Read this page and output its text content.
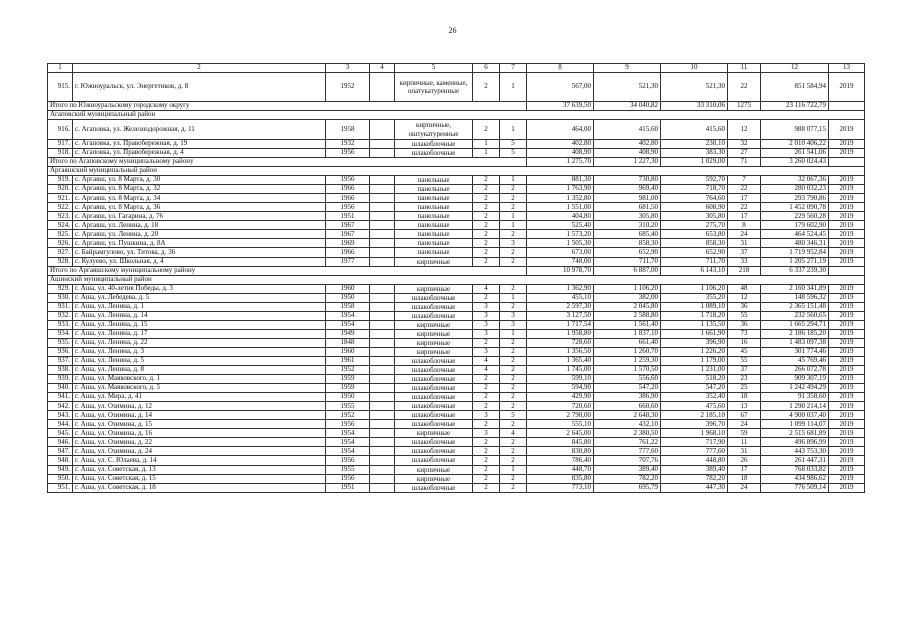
26
1	2	3	4	5	6	7	8	9	10	11	12	13
915.	г. Южноуральск, ул. Энергетиков, д. 8	1952		кирпичные, каменные, опатукатуренные	2	1	567,00	521,30	521,30	22	851 584,94	2019
Итого по Южноуральскому городскому округу							37 639,50	34 040,82	33 310,06	1275	23 116 722,79	
Агаповский муниципальный район												
916.	с. Агаповка, ул. Железнодорожная, д. 11	1958		кирпичные, оштукатуренные	2	1	464,00	415,60	415,60	12	988 077,15	2019
917.	с. Агаповка, ул. Правобережная, д. 19	1932		шлакоблочные	1	5	402,80	402,80	230,10	32	2 010 406,22	2019
918.	с. Агаповка, ул. Правобережная, д. 4	1956		шлакоблочные	1	5	408,90	408,90	383,30	27	261 541,06	2019
Итого по Агаповскому муниципальному району							1 275,70	1 227,30	1 029,00	71	3 260 024,43	
Аргаяшский муниципальный район												
919.	с. Аргаяш, ул. 8 Марта, д. 30	1956		панельные	2	1	881,30	730,80	592,70	7	32 067,36	2019
920.	с. Аргаяш, ул. 8 Марта, д. 32	1966		панельные	2	2	1 763,90	969,40	718,70	22	280 032,23	2019
921.	с. Аргаяш, ул. 8 Марта, д. 34	1966		панельные	2	2	1 352,80	981,00	764,60	17	293 790,86	2019
922.	с. Аргаяш, ул. 8 Марта, д. 36	1956		панельные	2	2	1 551,00	681,50	608,90	22	1 452 090,78	2019
923.	с. Аргаяш, ул. Гагарина, д. 76	1951		панельные	2	1	404,80	305,80	305,80	17	229 560,28	2019
924.	с. Аргаяш, ул. Ленина, д. 18	1967		панельные	2	1	525,40	310,20	275,70	8	179 602,90	2019
925.	с. Аргаяш, ул. Ленина, д. 20	1967		панельные	2	2	1 573,20	685,40	653,80	24	464 524,45	2019
926.	с. Аргаяш, ул. Пушкина, д. 8А	1969		панельные	2	3	1 505,30	858,30	858,30	31	480 346,31	2019
927.	с. Байрамгулово, ул. Титова, д. 36	1966		панельные	2	2	673,00	652,90	652,90	37	1 719 952,84	2019
928.	с. Кулуево, ул. Школьная, д. 4	1977		кирпичные	2	2	748,00	711,70	711,70	33	1 205 271,19	2019
Итого по Аргаяшскому муниципальному району							10 978,70	6 887,00	6 143,10	218	6 337 239,30	
Ашинский муниципальный район												
929.	г. Аша, ул. 40-летия Победы, д. 3	1960		кирпичные	4	2	1 362,90	1 106,20	1 106,20	48	2 160 341,89	2019
930.	г. Аша, ул. Лебедева, д. 5	1950		шлакоблочные	2	1	455,10	382,00	355,20	12	148 596,32	2019
931.	г. Аша, ул. Ленина, д. 1	1958		шлакоблочные	3	2	2 597,30	2 045,80	1 089,10	36	2 365 151,48	2019
932.	г. Аша, ул. Ленина, д. 14	1954		шлакоблочные	3	3	3 127,50	2 588,80	1 718,20	55	232 560,65	2019
933.	г. Аша, ул. Ленина, д. 15	1954		кирпичные	3	3	1 717,54	1 561,40	1 135,50	36	1 665 294,71	2019
934.	г. Аша, ул. Ленина, д. 17	1949		кирпичные	3	1	1 958,80	1 837,10	1 661,90	73	2 186 185,20	2019
935.	г. Аша, ул. Ленина, д. 22	1848		кирпичные	2	2	728,60	661,40	396,90	16	1 483 097,38	2019
936.	г. Аша, ул. Ленина, д. 3	1960		кирпичные	3	2	1 356,50	1 260,70	1 226,20	45	301 774,46	2019
937.	г. Аша, ул. Ленина, д. 5	1961		шлакоблочные	4	2	1 365,40	1 259,30	1 179,00	55	45 769,46	2019
938.	г. Аша, ул. Ленина, д. 8	1952		шлакоблочные	4	2	1 745,00	1 570,50	1 231,00	37	266 072,78	2019
939.	г. Аша, ул. Маяковского, д. 1	1959		шлакоблочные	2	2	599,10	556,60	518,20	23	909 307,19	2019
940.	г. Аша, ул. Маяковского, д. 5	1959		шлакоблочные	2	2	594,90	547,20	547,20	25	1 242 494,29	2019
941.	г. Аша, ул. Мира, д. 41	1950		шлакоблочные	2	2	429,90	386,90	352,40	18	91 358,60	2019
942.	г. Аша, ул. Озимина, д. 12	1955		шлакоблочные	2	2	720,60	660,60	475,60	13	1 290 214,14	2019
943.	г. Аша, ул. Озимина, д. 14	1952		шлакоблочные	3	5	2 790,00	2 648,30	2 185,10	67	4 900 037,40	2019
944.	г. Аша, ул. Озимина, д. 15	1956		шлакоблочные	2	2	555,10	432,10	396,70	24	1 099 114,07	2019
945.	г. Аша, ул. Озимина, д. 16	1954		кирпичные	3	4	2 645,00	2 380,50	1 968,10	59	2 515 681,89	2019
946.	г. Аша, ул. Озимина, д. 22	1954		шлакоблочные	2	2	845,80	761,22	717,90	11	496 896,99	2019
947.	г. Аша, ул. Озимина, д. 24	1954		шлакоблочные	2	2	830,80	777,60	777,60	31	443 753,30	2019
948.	г. Аша, ул. С. Юлаева, д. 14	1956		шлакоблочные	2	2	786,40	707,76	448,80	26	261 447,31	2019
949.	г. Аша, ул. Советская, д. 13	1955		кирпичные	2	1	448,70	389,40	389,40	17	768 033,82	2019
950.	г. Аша, ул. Советская, д. 15	1956		кирпичные	2	2	835,80	782,20	782,20	18	434 986,62	2019
951.	г. Аша, ул. Советская, д. 18	1951		шлакоблочные	2	2	773,10	695,79	447,30	24	776 509,14	2019
